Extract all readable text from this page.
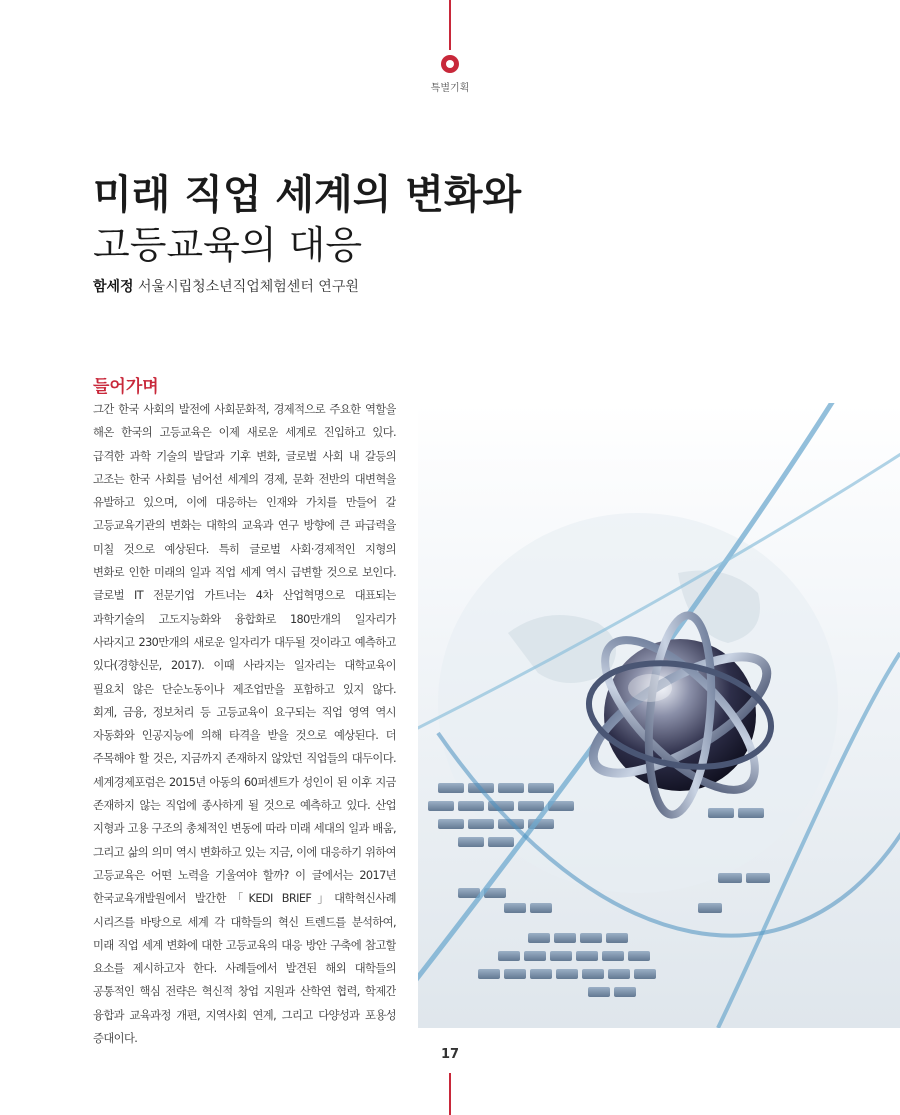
특별기획
미래 직업 세계의 변화와
고등교육의 대응
함세정 서울시립청소년직업체험센터 연구원
들어가며
그간 한국 사회의 발전에 사회문화적, 경제적으로 주요한 역할을
해온 한국의 고등교육은 이제 새로운 세계로 진입하고 있다.
급격한 과학 기술의 발달과 기후 변화, 글로벌 사회 내 갈등의
고조는 한국 사회를 넘어선 세계의 경제, 문화 전반의 대변혁을
유발하고 있으며, 이에 대응하는 인재와 가치를 만들어 갈
고등교육기관의 변화는 대학의 교육과 연구 방향에 큰 파급력을
미칠 것으로 예상된다. 특히 글로벌 사회·경제적인 지형의
변화로 인한 미래의 일과 직업 세계 역시 급변할 것으로 보인다.
글로벌 IT 전문기업 가트너는 4차 산업혁명으로 대표되는
과학기술의 고도지능화와 융합화로 180만개의 일자리가
사라지고 230만개의 새로운 일자리가 대두될 것이라고 예측하고
있다(경향신문, 2017). 이때 사라지는 일자리는 대학교육이
필요치 않은 단순노동이나 제조업만을 포함하고 있지 않다.
회계, 금융, 정보처리 등 고등교육이 요구되는 직업 영역 역시
자동화와 인공지능에 의해 타격을 받을 것으로 예상된다. 더
주목해야 할 것은, 지금까지 존재하지 않았던 직업들의 대두이다.
세계경제포럼은 2015년 아동의 60퍼센트가 성인이 된 이후 지금
존재하지 않는 직업에 종사하게 될 것으로 예측하고 있다. 산업
지형과 고용 구조의 총체적인 변동에 따라 미래 세대의 일과 배움,
그리고 삶의 의미 역시 변화하고 있는 지금, 이에 대응하기 위하여
고등교육은 어떤 노력을 기울여야 할까? 이 글에서는 2017년
한국교육개발원에서 발간한「KEDI BRIEF」대학혁신사례
시리즈를 바탕으로 세계 각 대학들의 혁신 트렌드를 분석하여,
미래 직업 세계 변화에 대한 고등교육의 대응 방안 구축에 참고할
요소를 제시하고자 한다. 사례들에서 발견된 해외 대학들의
공통적인 핵심 전략은 혁신적 창업 지원과 산학연 협력, 학제간
융합과 교육과정 개편, 지역사회 연계, 그리고 다양성과 포용성
증대이다.
17
